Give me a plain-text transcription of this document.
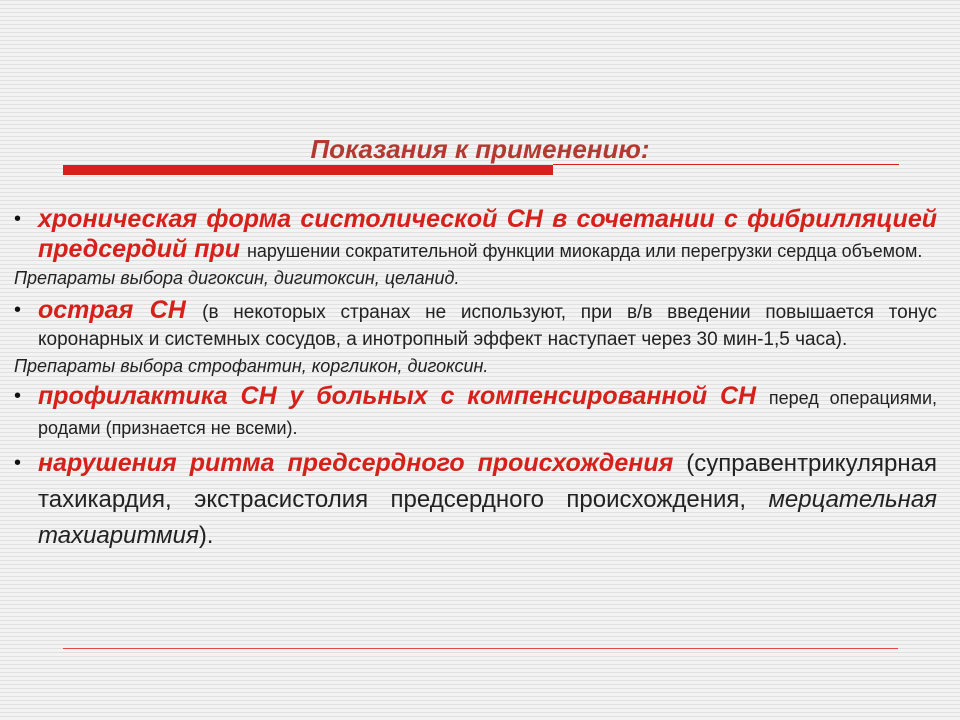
Показания к применению:

• хроническая форма систолической СН в сочетании с фибрилляцией предсердий при нарушении сократительной функции миокарда или перегрузки сердца объемом.

Препараты выбора дигоксин, дигитоксин, целанид.

• острая СН (в некоторых странах не используют, при в/в введении повышается тонус коронарных и системных сосудов, а инотропный эффект наступает через 30 мин-1,5 часа).

Препараты выбора строфантин, коргликон, дигоксин.

• профилактика СН у больных с компенсированной СН перед операциями, родами (признается не всеми).

• нарушения ритма предсердного происхождения (суправентрикулярная тахикардия, экстрасистолия предсердного происхождения, мерцательная тахиаритмия).
